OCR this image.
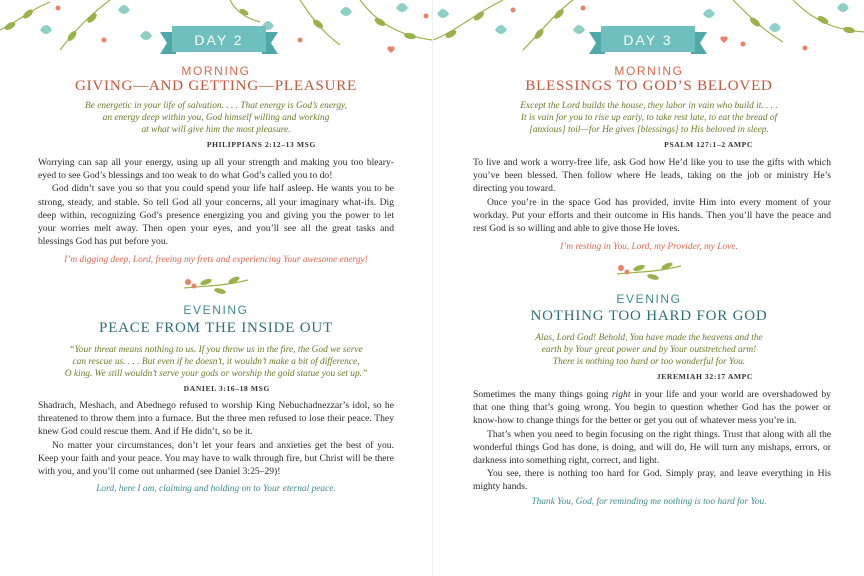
DAY 2
MORNING
GIVING—AND GETTING—PLEASURE
Be energetic in your life of salvation. . . . That energy is God’s energy,
an energy deep within you, God himself willing and working
at what will give him the most pleasure.
PHILIPPIANS 2:12–13 MSG

Worrying can sap all your energy, using up all your strength and making you too bleary-eyed to see God’s blessings and too weak to do what God’s called you to do!

God didn’t save you so that you could spend your life half asleep. He wants you to be strong, steady, and stable. So tell God all your concerns, all your imaginary what-ifs. Dig deep within, recognizing God’s presence energizing you and giving you the power to let your worries melt away. Then open your eyes, and you’ll see all the great tasks and blessings God has put before you.

I’m digging deep, Lord, freeing my frets and experiencing Your awesome energy!
EVENING
PEACE FROM THE INSIDE OUT
“Your threat means nothing to us. If you throw us in the fire, the God we serve
can rescue us. . . . But even if he doesn’t, it wouldn’t make a bit of difference,
O king. We still wouldn’t serve your gods or worship the gold statue you set up.”
DANIEL 3:16–18 MSG

Shadrach, Meshach, and Abednego refused to worship King Nebuchadnezzar’s idol, so he threatened to throw them into a furnace. But the three men refused to lose their peace. They knew God could rescue them. And if He didn’t, so be it.

No matter your circumstances, don’t let your fears and anxieties get the best of you. Keep your faith and your peace. You may have to walk through fire, but Christ will be there with you, and you’ll come out unharmed (see Daniel 3:25–29)!

Lord, here I am, claiming and holding on to Your eternal peace.
DAY 3
MORNING
BLESSINGS TO GOD’S BELOVED
Except the Lord builds the house, they labor in vain who build it. . . .
It is vain for you to rise up early, to take rest late, to eat the bread of
[anxious] toil—for He gives [blessings] to His beloved in sleep.
PSALM 127:1–2 AMPC

To live and work a worry-free life, ask God how He’d like you to use the gifts with which you’ve been blessed. Then follow where He leads, taking on the job or ministry He’s directing you toward.

Once you’re in the space God has provided, invite Him into every moment of your workday. Put your efforts and their outcome in His hands. Then you’ll have the peace and rest God is so willing and able to give those He loves.

I’m resting in You, Lord, my Provider, my Love.
EVENING
NOTHING TOO HARD FOR GOD
Alas, Lord God! Behold, You have made the heavens and the
earth by Your great power and by Your outstretched arm!
There is nothing too hard or too wonderful for You.
JEREMIAH 32:17 AMPC

Sometimes the many things going right in your life and your world are overshadowed by that one thing that’s going wrong. You begin to question whether God has the power or know-how to change things for the better or get you out of whatever mess you’re in.

That’s when you need to begin focusing on the right things. Trust that along with all the wonderful things God has done, is doing, and will do, He will turn any mishaps, errors, or darkness into something right, correct, and light.

You see, there is nothing too hard for God. Simply pray, and leave everything in His mighty hands.

Thank You, God, for reminding me nothing is too hard for You.
